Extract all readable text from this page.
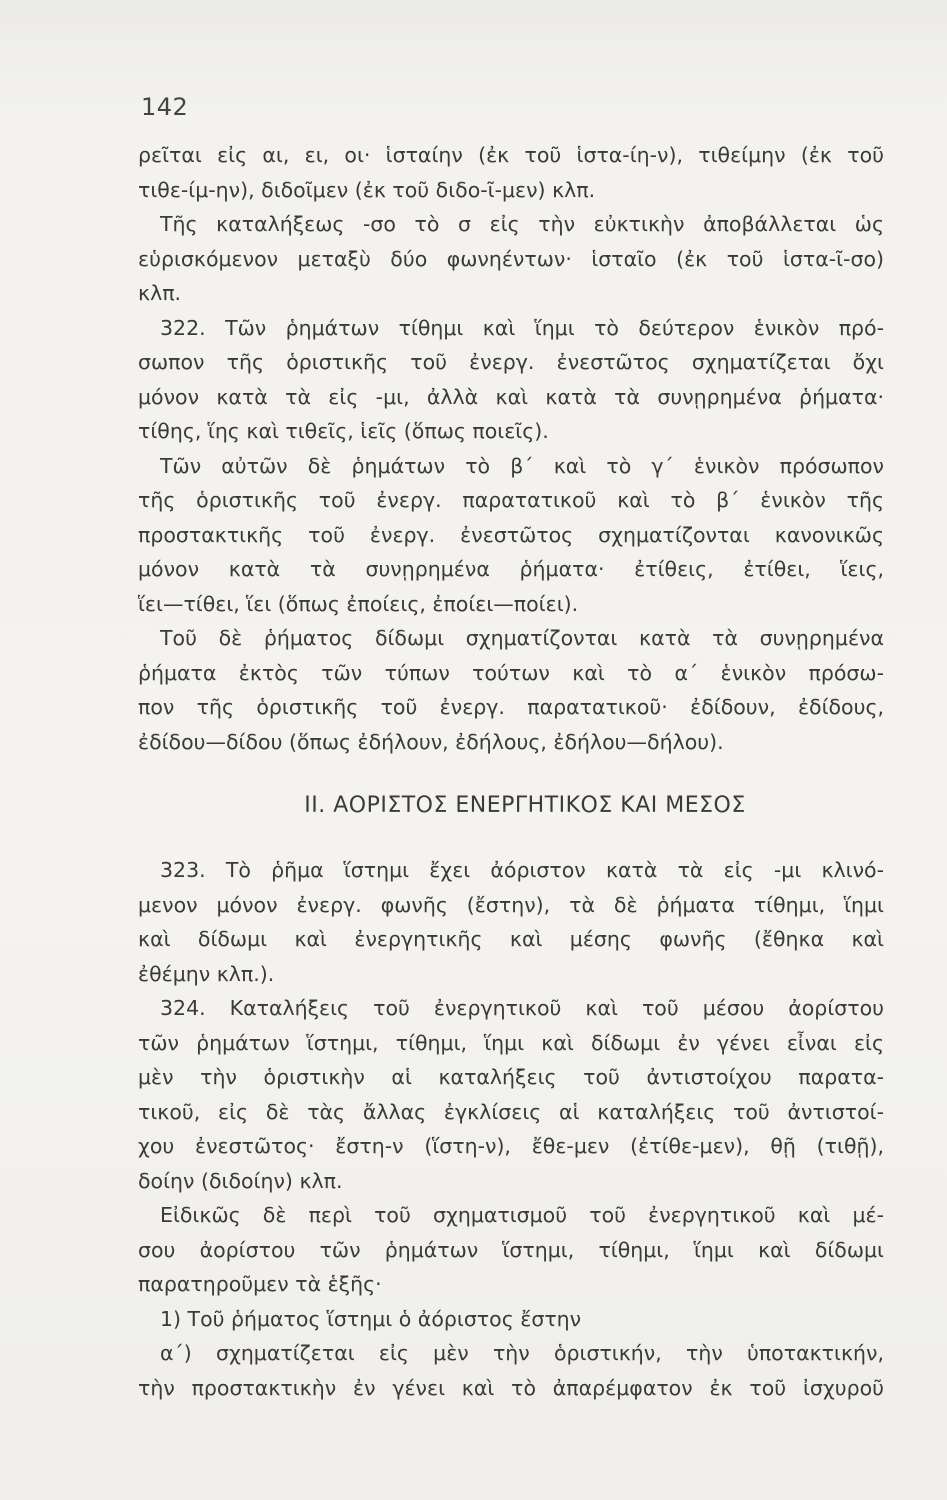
142
ρεῖται εἰς αι, ει, οι· ἱσταίην (ἐκ τοῦ ἱστα-ίη-ν), τιθείμην (ἐκ τοῦ
τιθε-ίμ-ην), διδοῖμεν (ἐκ τοῦ διδο-ῖ-μεν) κλπ.
Τῆς καταλήξεως -σο τὸ σ εἰς τὴν εὐκτικὴν ἀποβάλλεται ὡς
εὑρισκόμενον μεταξὺ δύο φωνηέντων· ἱσταῖο (ἐκ τοῦ ἱστα-ῖ-σο)
κλπ.
322. Τῶν ῥημάτων τίθημι καὶ ἵημι τὸ δεύτερον ἑνικὸν πρό-
σωπον τῆς ὁριστικῆς τοῦ ἐνεργ. ἐνεστῶτος σχηματίζεται ὄχι
μόνον κατὰ τὰ εἰς -μι, ἀλλὰ καὶ κατὰ τὰ συνῃρημένα ῥήματα·
τίθης, ἵης καὶ τιθεῖς, ἱεῖς (ὅπως ποιεῖς).
Τῶν αὐτῶν δὲ ῥημάτων τὸ β΄ καὶ τὸ γ΄ ἑνικὸν πρόσωπον
τῆς ὁριστικῆς τοῦ ἐνεργ. παρατατικοῦ καὶ τὸ β΄ ἑνικὸν τῆς
προστακτικῆς τοῦ ἐνεργ. ἐνεστῶτος σχηματίζονται κανονικῶς
μόνον κατὰ τὰ συνῃρημένα ῥήματα· ἐτίθεις, ἐτίθει, ἵεις,
ἵει—τίθει, ἵει (ὅπως ἐποίεις, ἐποίει—ποίει).
Τοῦ δὲ ῥήματος δίδωμι σχηματίζονται κατὰ τὰ συνῃρημένα
ῥήματα ἐκτὸς τῶν τύπων τούτων καὶ τὸ α΄ ἑνικὸν πρόσω-
πον τῆς ὁριστικῆς τοῦ ἐνεργ. παρατατικοῦ· ἐδίδουν, ἐδίδους,
ἐδίδου—δίδου (ὅπως ἐδήλουν, ἐδήλους, ἐδήλου—δήλου).
ΙΙ. ΑΟΡΙΣΤΟΣ ΕΝΕΡΓΗΤΙΚΟΣ ΚΑΙ ΜΕΣΟΣ
323. Τὸ ῥῆμα ἵστημι ἔχει ἀόριστον κατὰ τὰ εἰς -μι κλινό-
μενον μόνον ἐνεργ. φωνῆς (ἔστην), τὰ δὲ ῥήματα τίθημι, ἵημι
καὶ δίδωμι καὶ ἐνεργητικῆς καὶ μέσης φωνῆς (ἔθηκα καὶ
ἐθέμην κλπ.).
324. Καταλήξεις τοῦ ἐνεργητικοῦ καὶ τοῦ μέσου ἀορίστου
τῶν ῥημάτων ἵστημι, τίθημι, ἵημι καὶ δίδωμι ἐν γένει εἶναι εἰς
μὲν τὴν ὁριστικὴν αἱ καταλήξεις τοῦ ἀντιστοίχου παρατα-
τικοῦ, εἰς δὲ τὰς ἄλλας ἐγκλίσεις αἱ καταλήξεις τοῦ ἀντιστοί-
χου ἐνεστῶτος· ἔστη-ν (ἵστη-ν), ἔθε-μεν (ἐτίθε-μεν), θῇ (τιθῇ),
δοίην (διδοίην) κλπ.
Εἰδικῶς δὲ περὶ τοῦ σχηματισμοῦ τοῦ ἐνεργητικοῦ καὶ μέ-
σου ἀορίστου τῶν ῥημάτων ἵστημι, τίθημι, ἵημι καὶ δίδωμι
παρατηροῦμεν τὰ ἑξῆς·
1) Τοῦ ῥήματος ἵστημι ὁ ἀόριστος ἔστην
α΄) σχηματίζεται εἰς μὲν τὴν ὁριστικήν, τὴν ὑποτακτικήν,
τὴν προστακτικὴν ἐν γένει καὶ τὸ ἀπαρέμφατον ἐκ τοῦ ἰσχυροῦ
